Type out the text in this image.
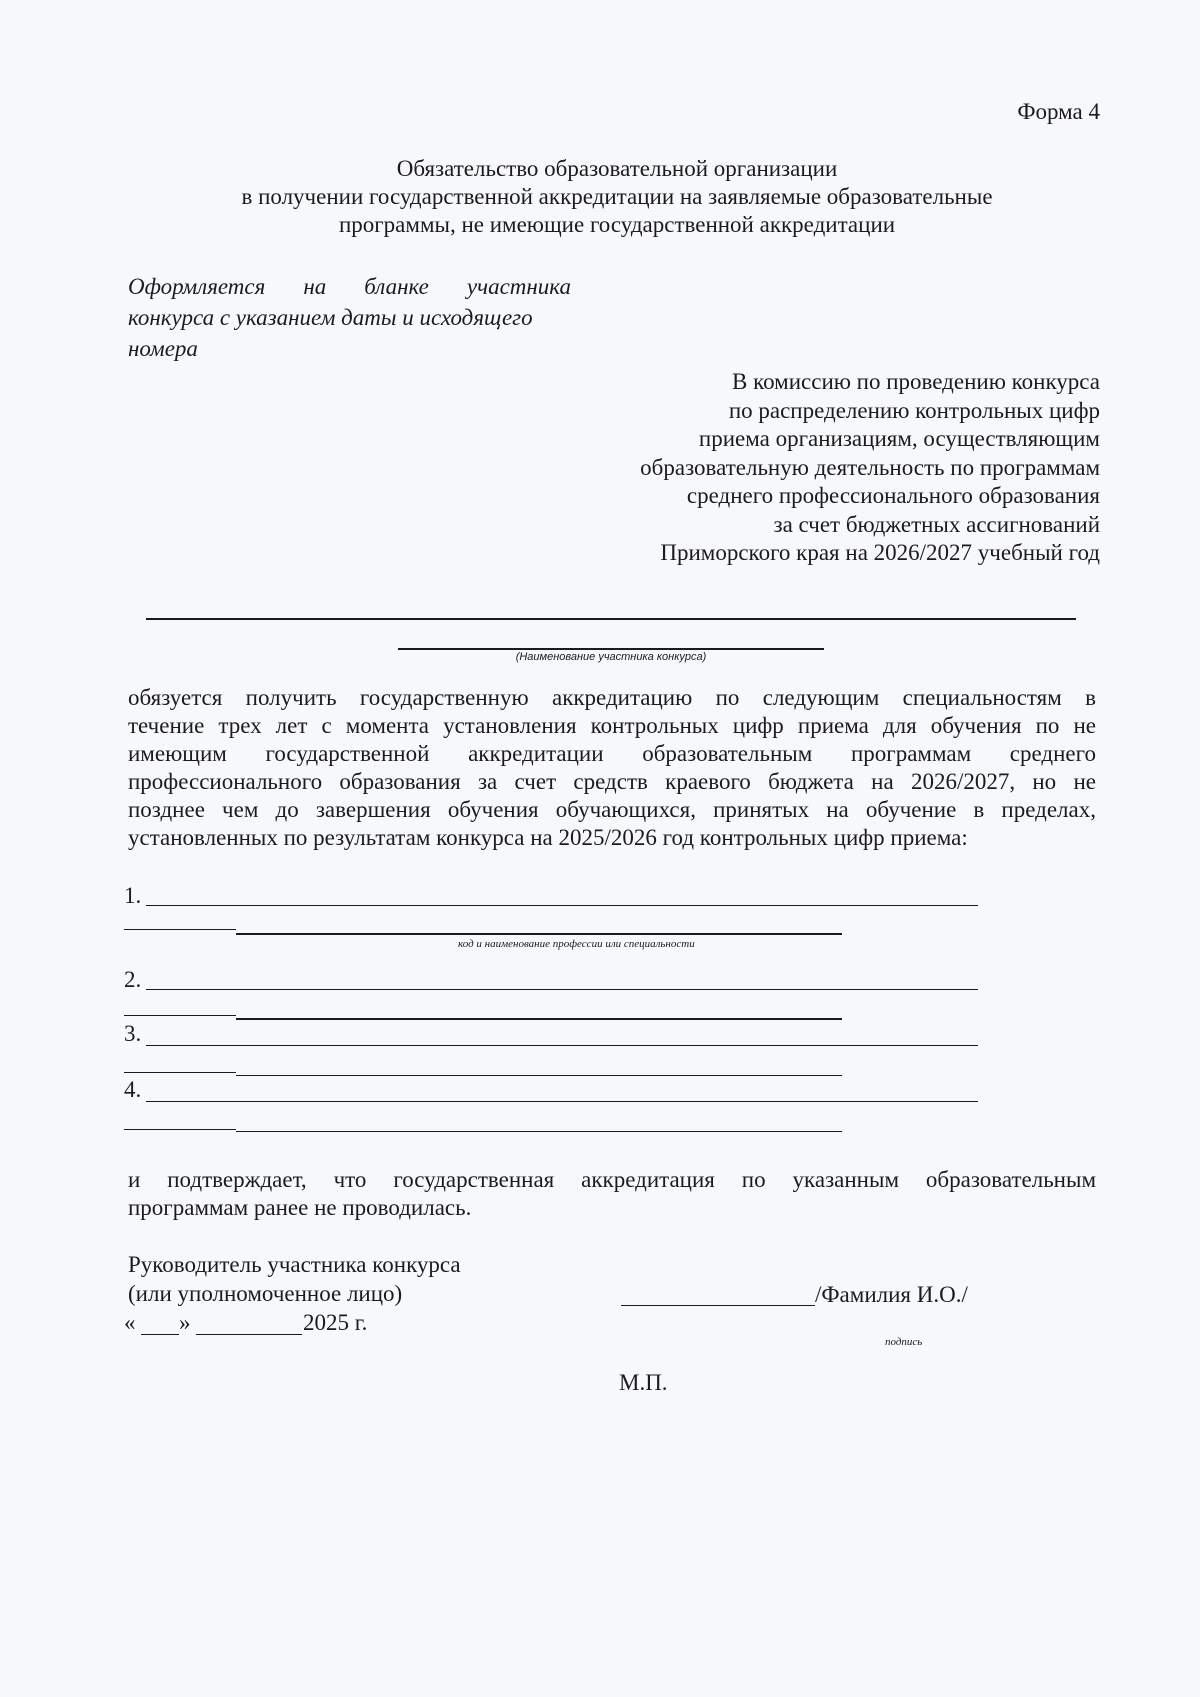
Форма 4
Обязательство образовательной организации
в получении государственной аккредитации на заявляемые образовательные
программы, не имеющие государственной аккредитации
Оформляется на бланке участника
конкурса с указанием даты и исходящего
номера
В комиссию по проведению конкурса
по распределению контрольных цифр
приема организациям, осуществляющим
образовательную деятельность по программам
среднего профессионального образования
за счет бюджетных ассигнований
Приморского края на 2026/2027 учебный год
(Наименование участника конкурса)
обязуется получить государственную аккредитацию по следующим специальностям в
течение трех лет с момента установления контрольных цифр приема для обучения по не
имеющим государственной аккредитации образовательным программам среднего
профессионального образования за счет средств краевого бюджета на 2026/2027, но не
позднее чем до завершения обучения обучающихся, принятых на обучение в пределах,
установленных по результатам конкурса на 2025/2026 год контрольных цифр приема:
1.
код и наименование профессии или специальности
2.
3.
4.
и подтверждает, что государственная аккредитация по указанным образовательным
программам ранее не проводилась.
Руководитель участника конкурса
(или уполномоченное лицо)
« »	2025 г.
/Фамилия И.О./
подпись
М.П.
